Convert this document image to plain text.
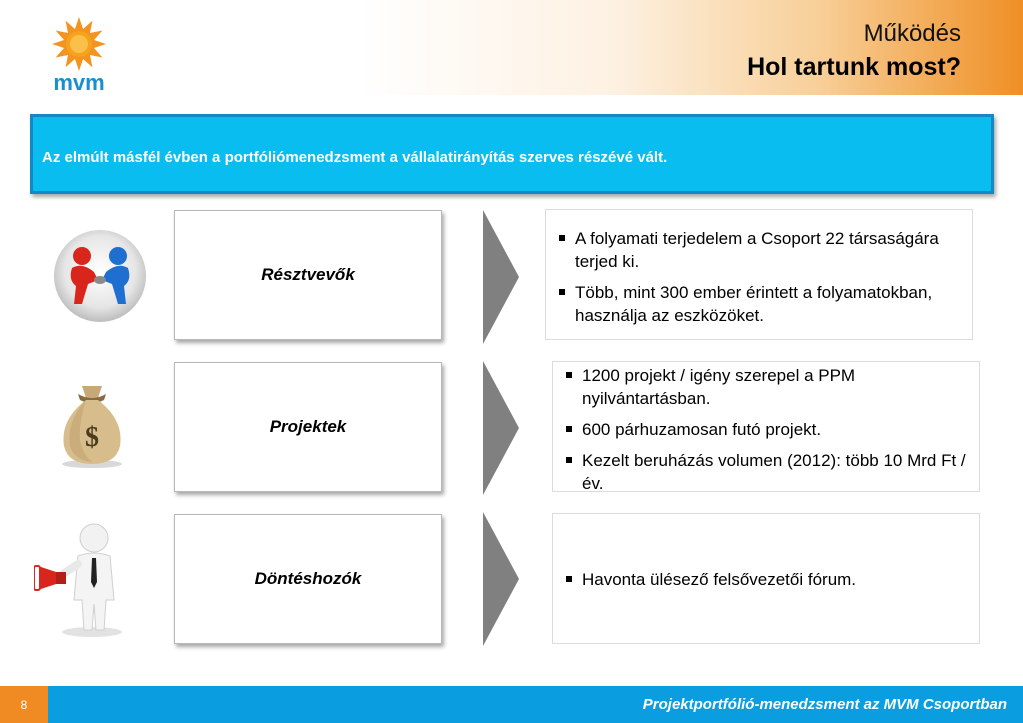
mvm
Működés
Hol tartunk most?
Az elmúlt másfél évben a portfóliómenedzsment a vállalatirányítás szerves részévé vált.
Résztvevők
A folyamati terjedelem a Csoport 22 társaságára terjed ki.
Több, mint 300 ember érintett a folyamatokban, használja az eszközöket.
$	Projektek
1200 projekt / igény szerepel a PPM nyilvántartásban.
600 párhuzamosan futó projekt.
Kezelt beruházás volumen (2012): több 10 Mrd Ft / év.
Döntéshozók	Havonta ülésező felsővezetői fórum.
8	Projektportfólió-menedzsment az MVM Csoportban
